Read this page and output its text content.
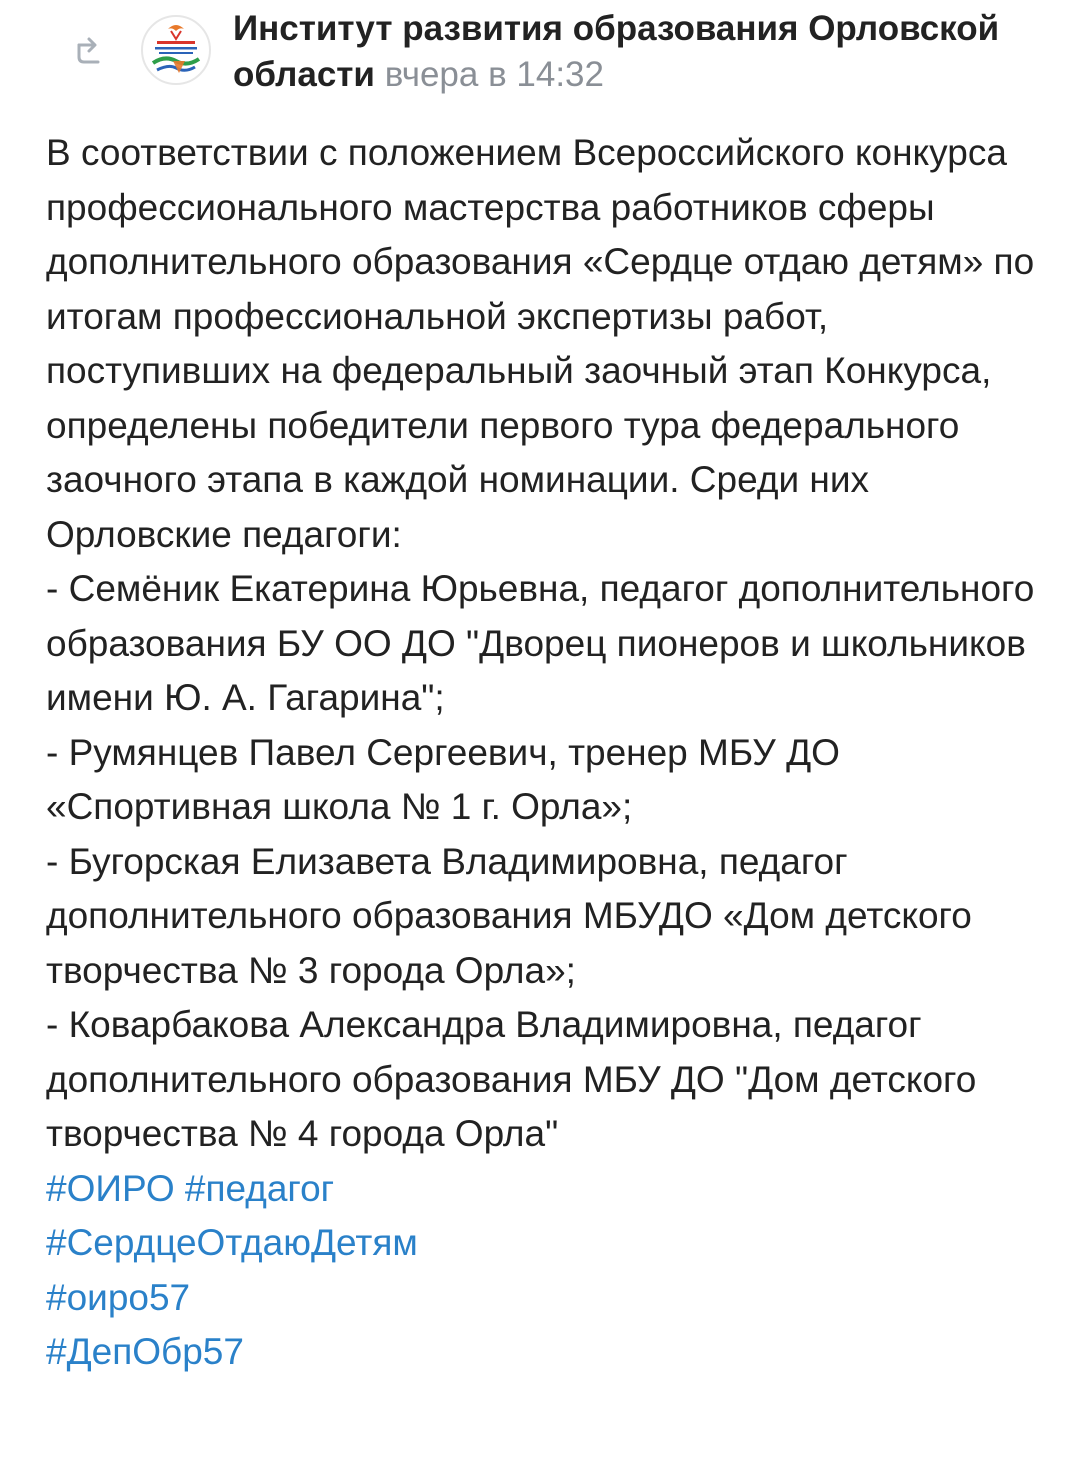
Институт развития образования Орловской области вчера в 14:32

В соответствии с положением Всероссийского конкурса профессионального мастерства работников сферы дополнительного образования «Сердце отдаю детям» по итогам профессиональной экспертизы работ, поступивших на федеральный заочный этап Конкурса, определены победители первого тура федерального заочного этапа в каждой номинации. Среди них Орловские педагоги:

- Семёник Екатерина Юрьевна, педагог дополнительного образования БУ ОО ДО "Дворец пионеров и школьников имени Ю. А. Гагарина";

- Румянцев Павел Сергеевич, тренер МБУ ДО «Спортивная школа № 1 г. Орла»;

- Бугорская Елизавета Владимировна, педагог дополнительного образования МБУДО «Дом детского творчества № 3 города Орла»;

- Коварбакова Александра Владимировна, педагог дополнительного образования МБУ ДО "Дом детского творчества № 4 города Орла"

#ОИРО #педагог
#СердцеОтдаюДетям
#оиро57
#ДепОбр57
